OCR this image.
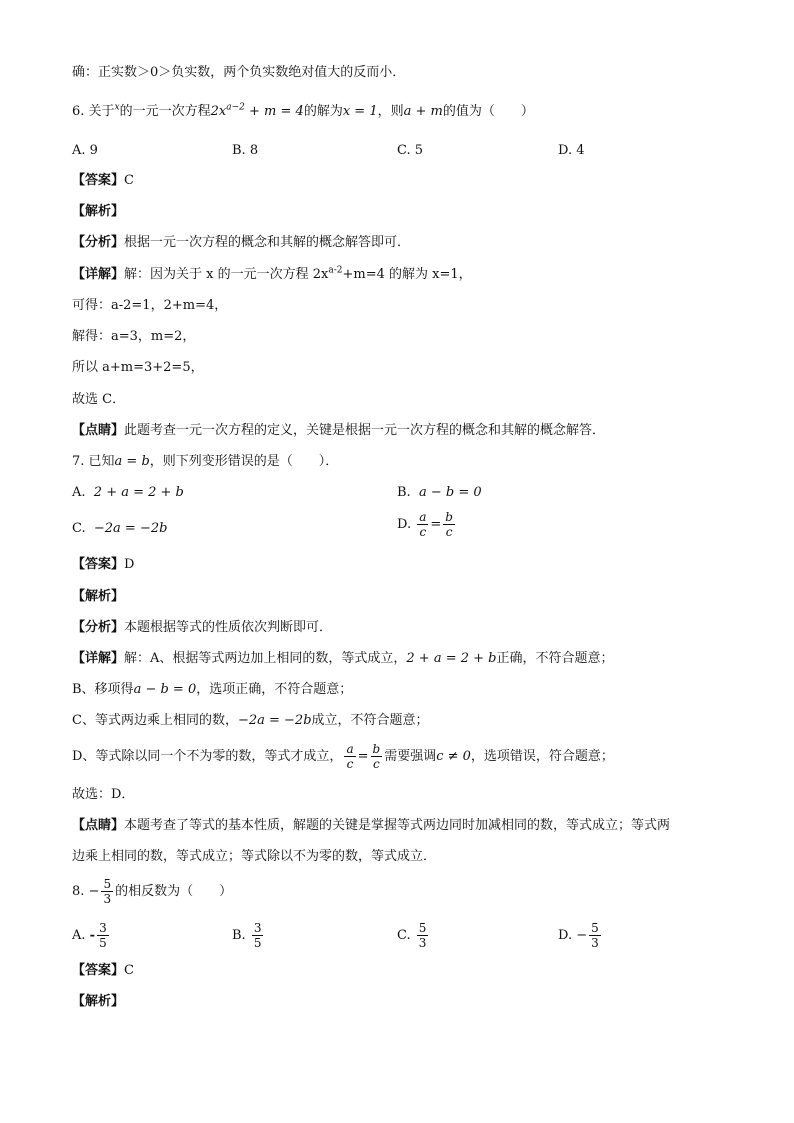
确：正实数＞0＞负实数，两个负实数绝对值大的反而小．
6. 关于$^x$的一元一次方程$2x^{a-2} + m = 4$的解为x = 1，则a + m的值为（　　）
A. 9	B. 8	C. 5	D. 4
【答案】C
【解析】
【分析】根据一元一次方程的概念和其解的概念解答即可．
【详解】解：因为关于 x 的一元一次方程 $2x^{a-2}+m=4$ 的解为 x=1，
可得：a-2=1，2+m=4，
解得：a=3，m=2，
所以 a+m=3+2=5，
故选 C．
【点睛】此题考查一元一次方程的定义，关键是根据一元一次方程的概念和其解的概念解答．
7. 已知a = b，则下列变形错误的是（　　）．
A. 2 + a = 2 + b	B. a − b = 0
C. −2a = −2b	D. $\frac{a}{c} = \frac{b}{c}$
【答案】D
【解析】
【分析】本题根据等式的性质依次判断即可．
【详解】解：A、根据等式两边加上相同的数，等式成立，2 + a = 2 + b正确，不符合题意；
B、移项得a − b = 0，选项正确，不符合题意；
C、等式两边乘上相同的数，−2a = −2b成立，不符合题意；
D、等式除以同一个不为零的数，等式才成立， $\frac{a}{c} = \frac{b}{c}$ 需要强调c ≠ 0，选项错误，符合题意；
故选：D．
【点睛】本题考查了等式的基本性质，解题的关键是掌握等式两边同时加减相同的数，等式成立；等式两
边乘上相同的数，等式成立；等式除以不为零的数，等式成立．
8. − $\frac{5}{3}$ 的相反数为（　　）
A. - $\frac{3}{5}$	B. $\frac{3}{5}$	C. $\frac{5}{3}$	D. − $\frac{5}{3}$
【答案】C
【解析】
